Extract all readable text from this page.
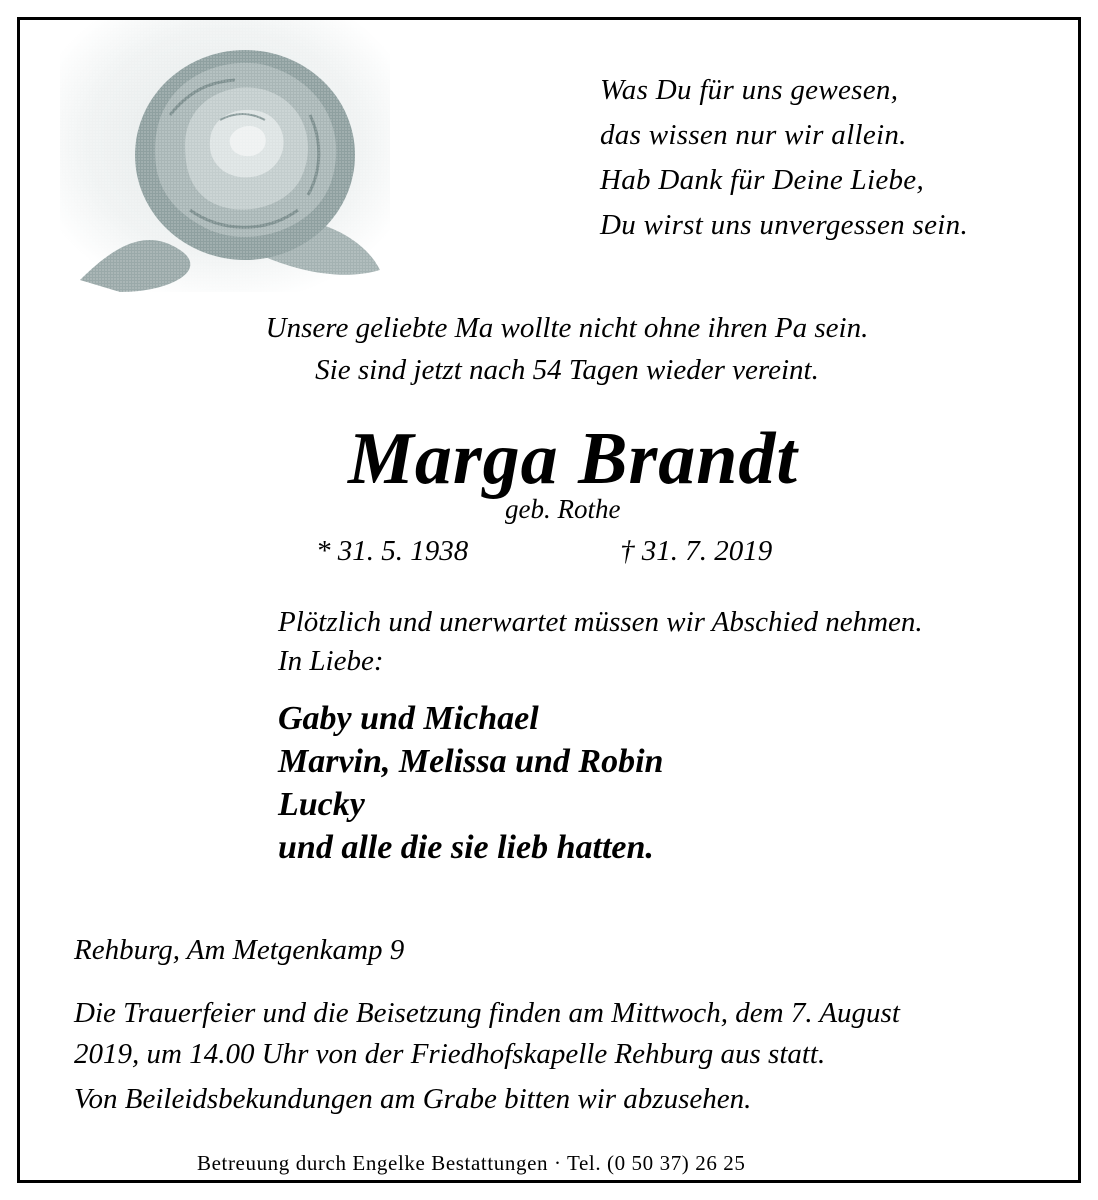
Was Du für uns gewesen,
das wissen nur wir allein.
Hab Dank für Deine Liebe,
Du wirst uns unvergessen sein.
Unsere geliebte Ma wollte nicht ohne ihren Pa sein.
Sie sind jetzt nach 54 Tagen wieder vereint.
Marga Brandt
geb. Rothe
* 31. 5. 1938	† 31. 7. 2019
Plötzlich und unerwartet müssen wir Abschied nehmen.
In Liebe:
Gaby und Michael
Marvin, Melissa und Robin
Lucky
und alle die sie lieb hatten.
Rehburg, Am Metgenkamp 9
Die Trauerfeier und die Beisetzung finden am Mittwoch, dem 7. August
2019, um 14.00 Uhr von der Friedhofskapelle Rehburg aus statt.
Von Beileidsbekundungen am Grabe bitten wir abzusehen.
Betreuung durch Engelke Bestattungen · Tel. (0 50 37) 26 25
